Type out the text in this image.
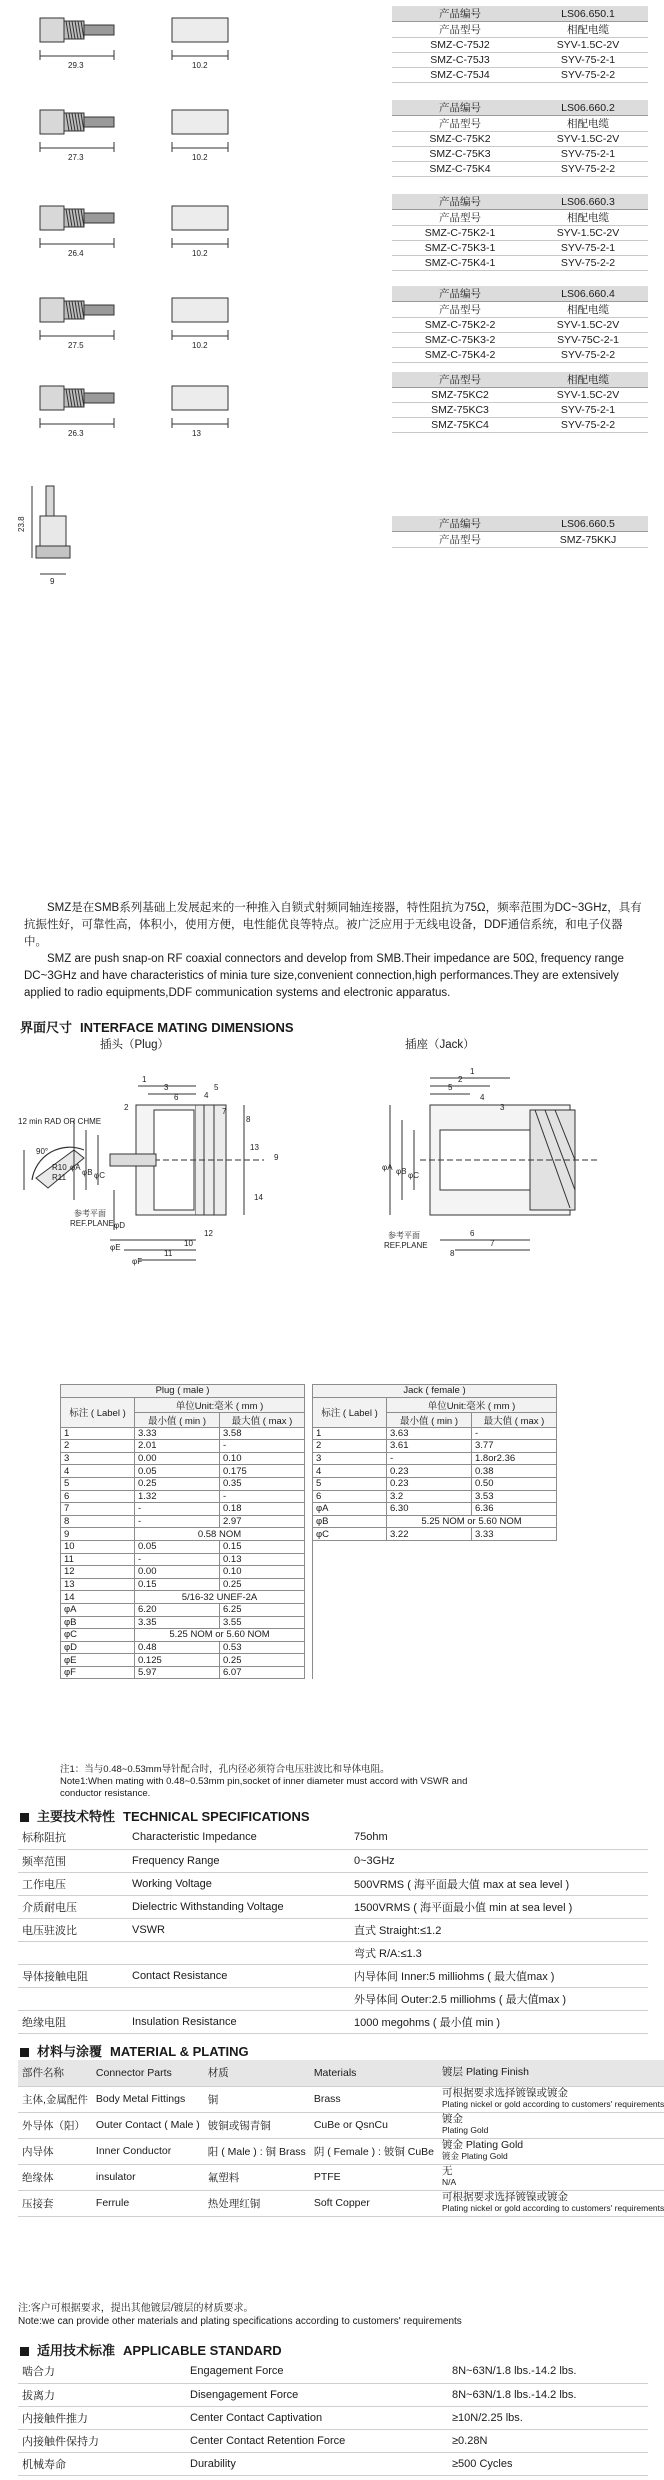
29.3	10.2
产品编号	LS06.650.1
产品型号	相配电缆
SMZ-C-75J2	SYV-1.5C-2V
SMZ-C-75J3	SYV-75-2-1
SMZ-C-75J4	SYV-75-2-2
27.3	10.2
产品编号	LS06.660.2
产品型号	相配电缆
SMZ-C-75K2	SYV-1.5C-2V
SMZ-C-75K3	SYV-75-2-1
SMZ-C-75K4	SYV-75-2-2
26.4	10.2
产品编号	LS06.660.3
产品型号	相配电缆
SMZ-C-75K2-1	SYV-1.5C-2V
SMZ-C-75K3-1	SYV-75-2-1
SMZ-C-75K4-1	SYV-75-2-2
27.5	10.2
产品编号	LS06.660.4
产品型号	相配电缆
SMZ-C-75K2-2	SYV-1.5C-2V
SMZ-C-75K3-2	SYV-75C-2-1
SMZ-C-75K4-2	SYV-75-2-2
26.3	13
产品型号	相配电缆
SMZ-75KC2	SYV-1.5C-2V
SMZ-75KC3	SYV-75-2-1
SMZ-75KC4	SYV-75-2-2
23.8
9
产品编号	LS06.660.5
产品型号	SMZ-75KKJ

SMZ是在SMB系列基础上发展起来的一种推入自锁式射频同轴连接器，特性阻抗为75Ω，频率范围为DC~3GHz，具有抗振性好，可靠性高，体积小，使用方便，电性能优良等特点。被广泛应用于无线电设备，DDF通信系统，和电子仪器中。

SMZ are push snap-on RF coaxial connectors and develop from SMB.Their impedance are 50Ω, frequency range DC~3GHz and have characteristics of minia ture size,convenient connection,high performances.They are extensively applied to radio equipments,DDF communication systems and electronic apparatus.

界面尺寸 INTERFACE MATING DIMENSIONS
插头（Plug）	插座（Jack）
12 min RAD OR CHME
90°
R10
R11
参考平面
REF.PLANE
1
3
2
6	4
5
7
8
13
14
12
10
11
φA
φB φC
φD
φE
φF
9
参考平面
REF.PLANE
1
2
5
4
3
6
7
8
φA φB φC
Plug ( male )				Jack ( female )		
标注 ( Label )	单位Unit:毫米 ( mm )			标注 ( Label )	单位Unit:毫米 ( mm )	
	最小值 ( min )	最大值 ( max )			最小值 ( min )	最大值 ( max )
1	3.33	3.58		1	3.63	-
2	2.01	-		2	3.61	3.77
3	0.00	0.10		3	-	1.8or2.36
4	0.05	0.175		4	0.23	0.38
5	0.25	0.35		5	0.23	0.50
6	1.32	-		6	3.2	3.53
7	-	0.18		φA	6.30	6.36
8	-	2.97		φB	5.25 NOM or 5.60 NOM	
9	0.58 NOM			φC	3.22	3.33
10	0.05	0.15				
11	-	0.13				
12	0.00	0.10				
13	0.15	0.25				
14	5/16-32 UNEF-2A					
φA	6.20	6.25				
φB	3.35	3.55				
φC	5.25 NOM or 5.60 NOM					
φD	0.48	0.53				
φE	0.125	0.25				
φF	5.97	6.07				
注1：当与0.48~0.53mm导针配合时，孔内径必须符合电压驻波比和导体电阻。
Note1:When mating with 0.48~0.53mm pin,socket of inner diameter must accord with VSWR and
conductor resistance.
主要技术特性 TECHNICAL SPECIFICATIONS
标称阻抗	Characteristic Impedance	75ohm
频率范围	Frequency Range	0~3GHz
工作电压	Working Voltage	500VRMS ( 海平面最大值 max at sea level )
介质耐电压	Dielectric Withstanding Voltage	1500VRMS ( 海平面最小值 min at sea level )
电压驻波比	VSWR	直式 Straight:≤1.2
		弯式 R/A:≤1.3
导体接触电阻	Contact Resistance	内导体间 Inner:5 milliohms ( 最大值max )
		外导体间 Outer:2.5 milliohms ( 最大值max )
绝缘电阻	Insulation Resistance	1000 megohms ( 最小值 min )
材料与涂覆 MATERIAL & PLATING
部件名称	Connector Parts	材质	Materials	镀层 Plating Finish
主体,金属配件	Body Metal Fittings	铜	Brass	可根据要求选择镀镍或镀金
Plating nickel or gold according to customers' requirements

外导体（阳）	Outer Contact ( Male )	铍铜或锡青铜	CuBe or QsnCu	镀金
Plating Gold

内导体	Inner Conductor	阳 ( Male ) : 铜 Brass	阴 ( Female ) : 铍铜 CuBe	镀金 Plating Gold
镀金 Plating Gold

绝缘体	insulator	氟塑料	PTFE	无
N/A

压接套	Ferrule	热处理红铜	Soft Copper	可根据要求选择镀镍或镀金
Plating nickel or gold according to customers' requirements
注:客户可根据要求，提出其他镀层/镀层的材质要求。
Note:we can provide other materials and plating specifications according to customers' requirements
适用技术标准 APPLICABLE STANDARD
啮合力	Engagement Force	8N~63N/1.8 lbs.-14.2 lbs.
拔离力	Disengagement Force	8N~63N/1.8 lbs.-14.2 lbs.
内接触件推力	Center Contact Captivation	≥10N/2.25 lbs.
内接触件保持力	Center Contact Retention Force	≥0.28N
机械寿命	Durability	≥500 Cycles
